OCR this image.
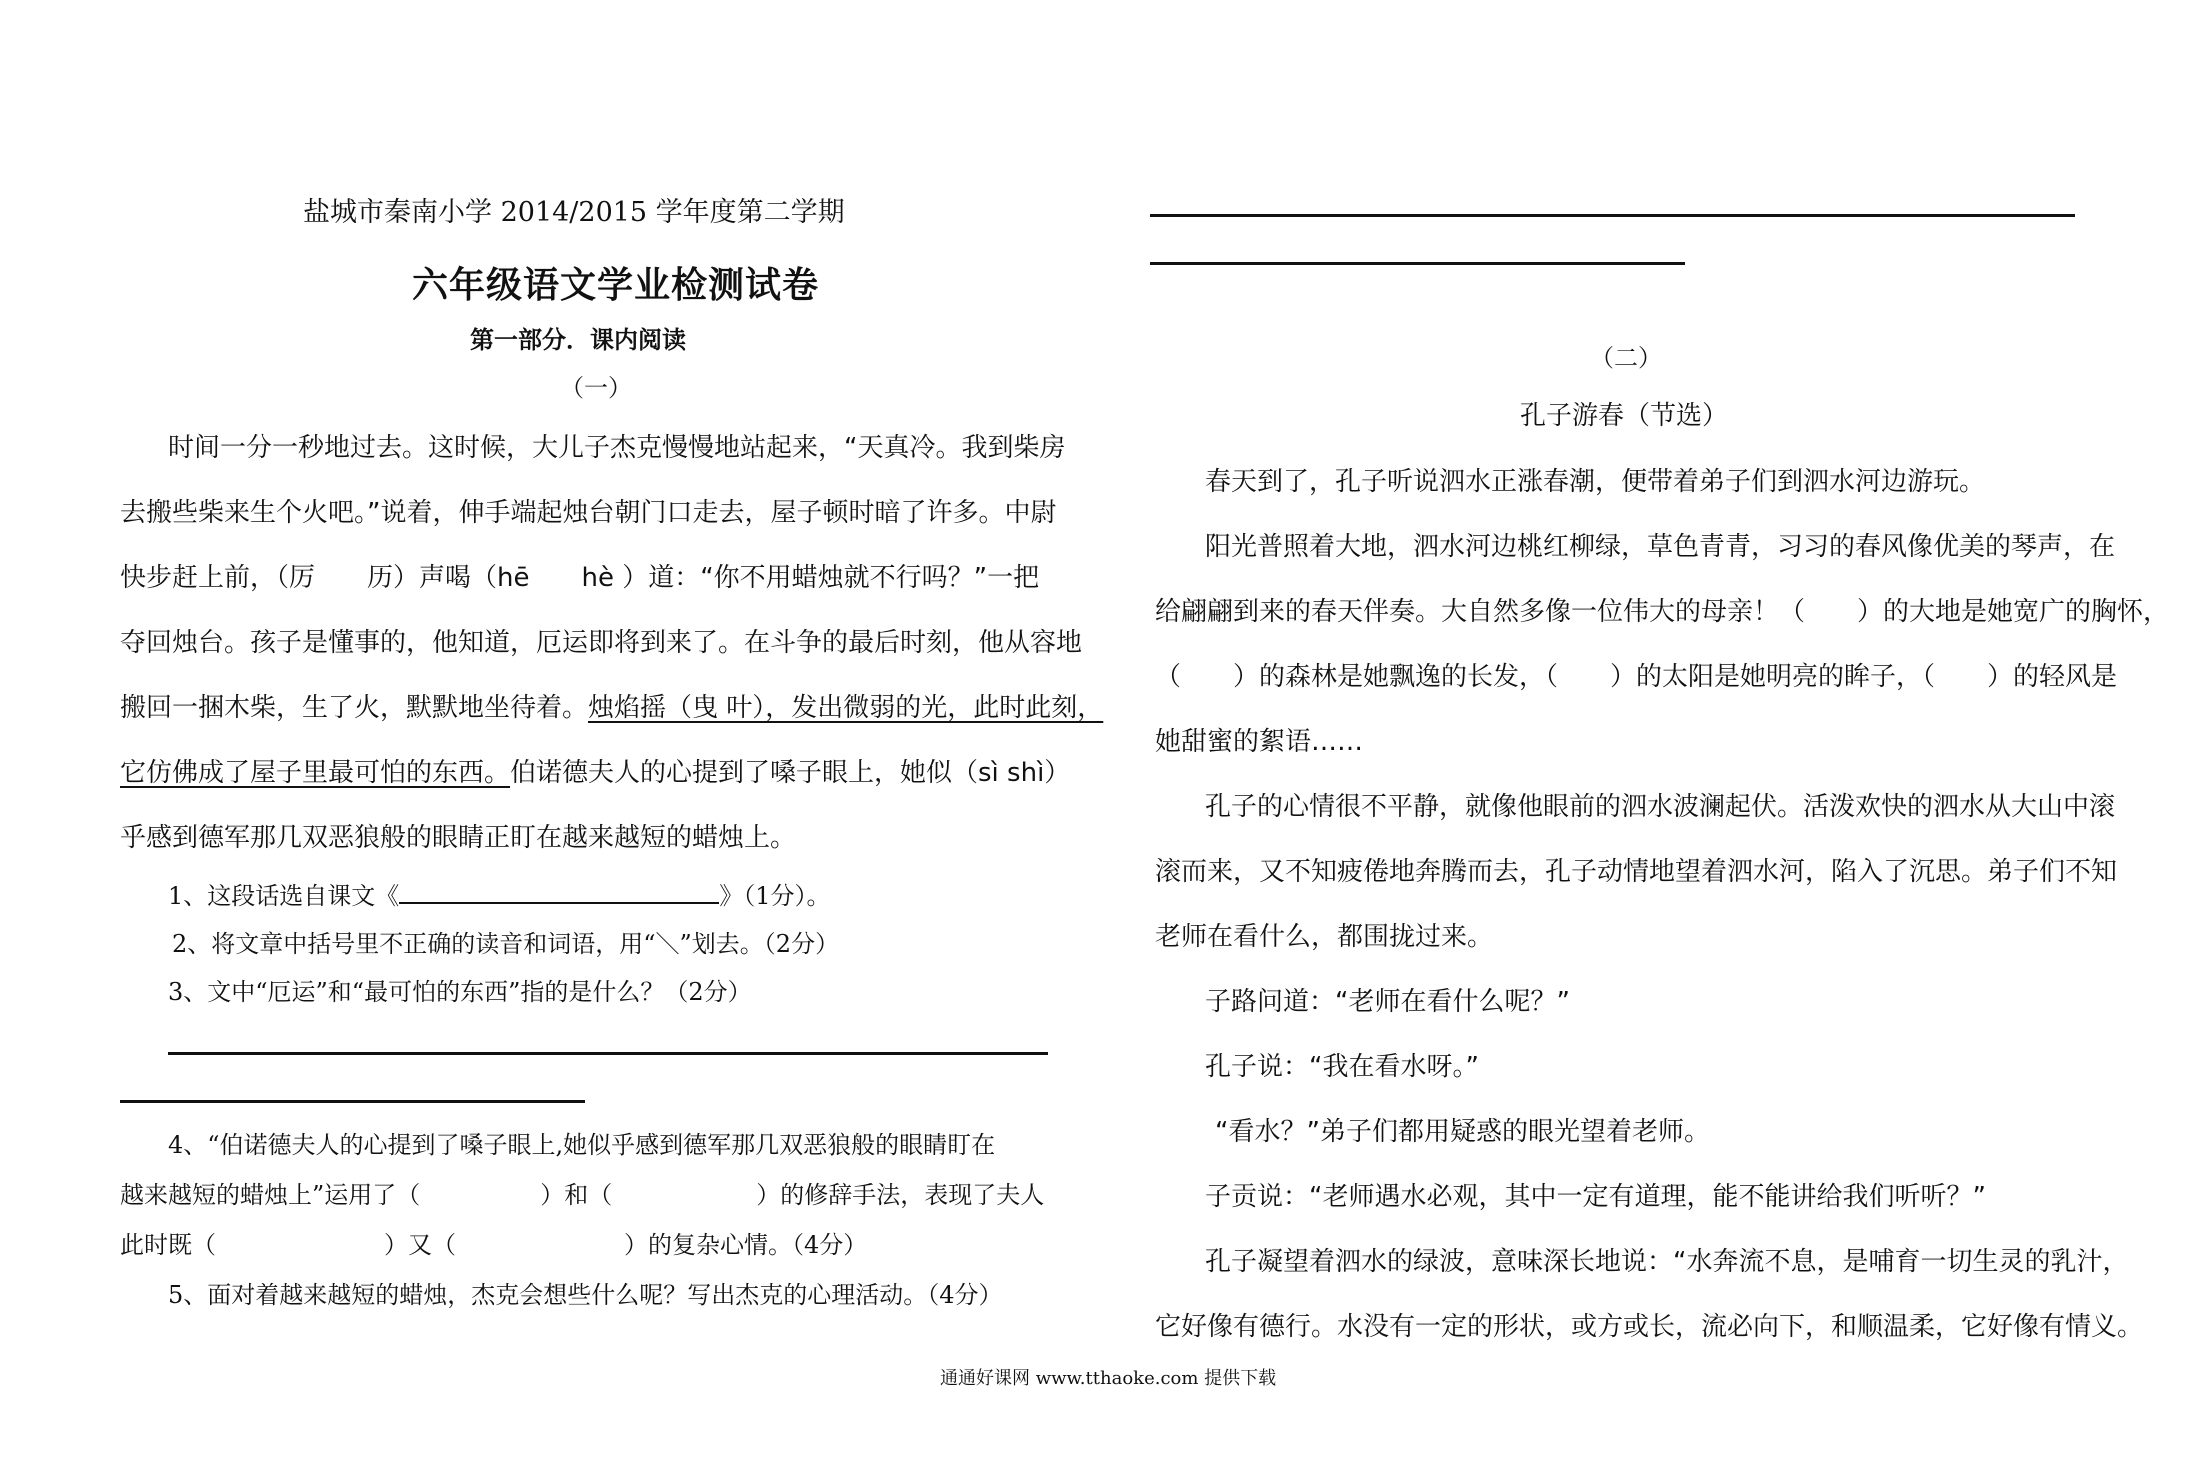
盐城市秦南小学 2014/2015 学年度第二学期
六年级语文学业检测试卷
第一部分．课内阅读
（一）
时间一分一秒地过去。这时候，大儿子杰克慢慢地站起来，“天真冷。我到柴房
去搬些柴来生个火吧。”说着，伸手端起烛台朝门口走去，屋子顿时暗了许多。中尉
快步赶上前，（厉　　历）声喝（hē　　hè ）道：“你不用蜡烛就不行吗？”一把
夺回烛台。孩子是懂事的，他知道，厄运即将到来了。在斗争的最后时刻，他从容地
搬回一捆木柴，生了火，默默地坐待着。烛焰摇（曳 叶），发出微弱的光，此时此刻，
它仿佛成了屋子里最可怕的东西。伯诺德夫人的心提到了嗓子眼上，她似（sì shì）
乎感到德军那几双恶狼般的眼睛正盯在越来越短的蜡烛上。
1、这段话选自课文《	》（1分）。
2、将文章中括号里不正确的读音和词语，用“＼”划去。（2分）
3、文中“厄运”和“最可怕的东西”指的是什么？（2分）
4、“伯诺德夫人的心提到了嗓子眼上,她似乎感到德军那几双恶狼般的眼睛盯在
越来越短的蜡烛上”运用了（　　　　　）和（　　　　　　）的修辞手法，表现了夫人
此时既（　　　　　　　）又（　　　　　　　）的复杂心情。（4分）
5、面对着越来越短的蜡烛，杰克会想些什么呢？写出杰克的心理活动。（4分）
（二）
孔子游春（节选）
春天到了，孔子听说泗水正涨春潮，便带着弟子们到泗水河边游玩。
阳光普照着大地，泗水河边桃红柳绿，草色青青，习习的春风像优美的琴声，在
给翩翩到来的春天伴奏。大自然多像一位伟大的母亲！（　　）的大地是她宽广的胸怀，
（　　）的森林是她飘逸的长发，（　　）的太阳是她明亮的眸子，（　　）的轻风是
她甜蜜的絮语……
孔子的心情很不平静，就像他眼前的泗水波澜起伏。活泼欢快的泗水从大山中滚
滚而来，又不知疲倦地奔腾而去，孔子动情地望着泗水河，陷入了沉思。弟子们不知
老师在看什么，都围拢过来。
子路问道：“老师在看什么呢？”
孔子说：“我在看水呀。”
“看水？”弟子们都用疑惑的眼光望着老师。
子贡说：“老师遇水必观，其中一定有道理，能不能讲给我们听听？”
孔子凝望着泗水的绿波，意味深长地说：“水奔流不息，是哺育一切生灵的乳汁，
它好像有德行。水没有一定的形状，或方或长，流必向下，和顺温柔，它好像有情义。
通通好课网 www.tthaoke.com 提供下载
